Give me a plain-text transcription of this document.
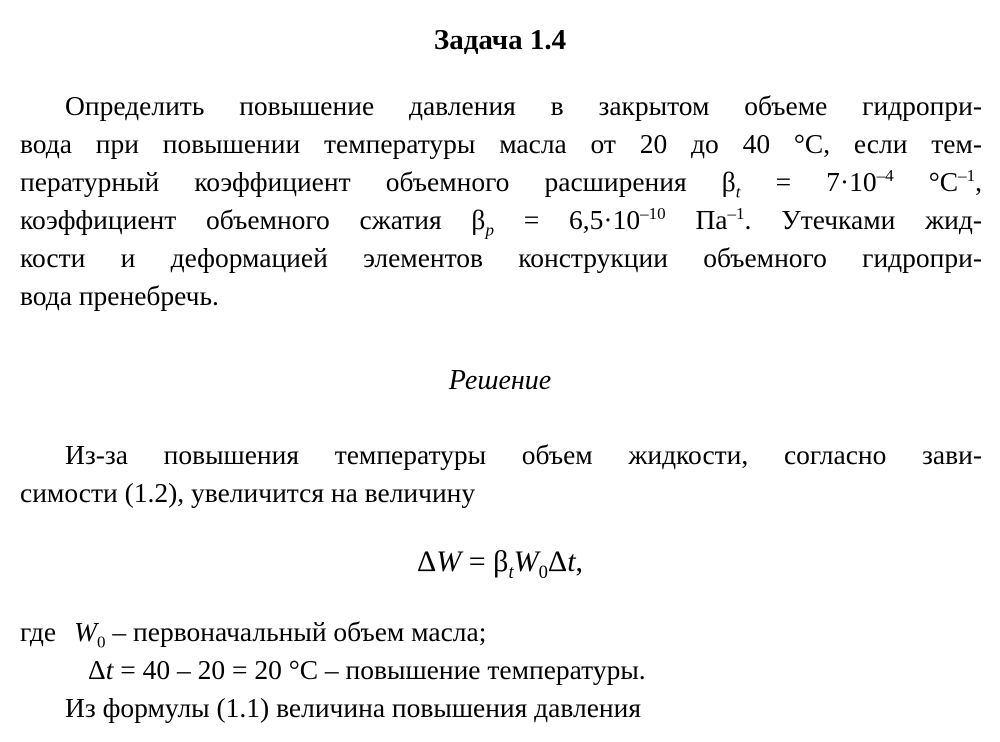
Задача 1.4
Определить повышение давления в закрытом объеме гидропри-
вода при повышении температуры масла от 20 до 40 °C, если тем-
пературный коэффициент объемного расширения $\beta_t = 7\cdot 10^{-4}$ $^\circ C^{-1}$,
коэффициент объемного сжатия $\beta_p = 6,5\cdot 10^{-10}$ $Па^{-1}$. Утечками жид-
кости и деформацией элементов конструкции объемного гидропри-
вода пренебречь.
Решение
Из-за повышения температуры объем жидкости, согласно зави-
симости (1.2), увеличится на величину
$\Delta W = \beta_tW_0\Delta t$,
где $W_0$ – первоначальный объем масла;
Δt = 40 – 20 = 20 °C – повышение температуры.
Из формулы (1.1) величина повышения давления
